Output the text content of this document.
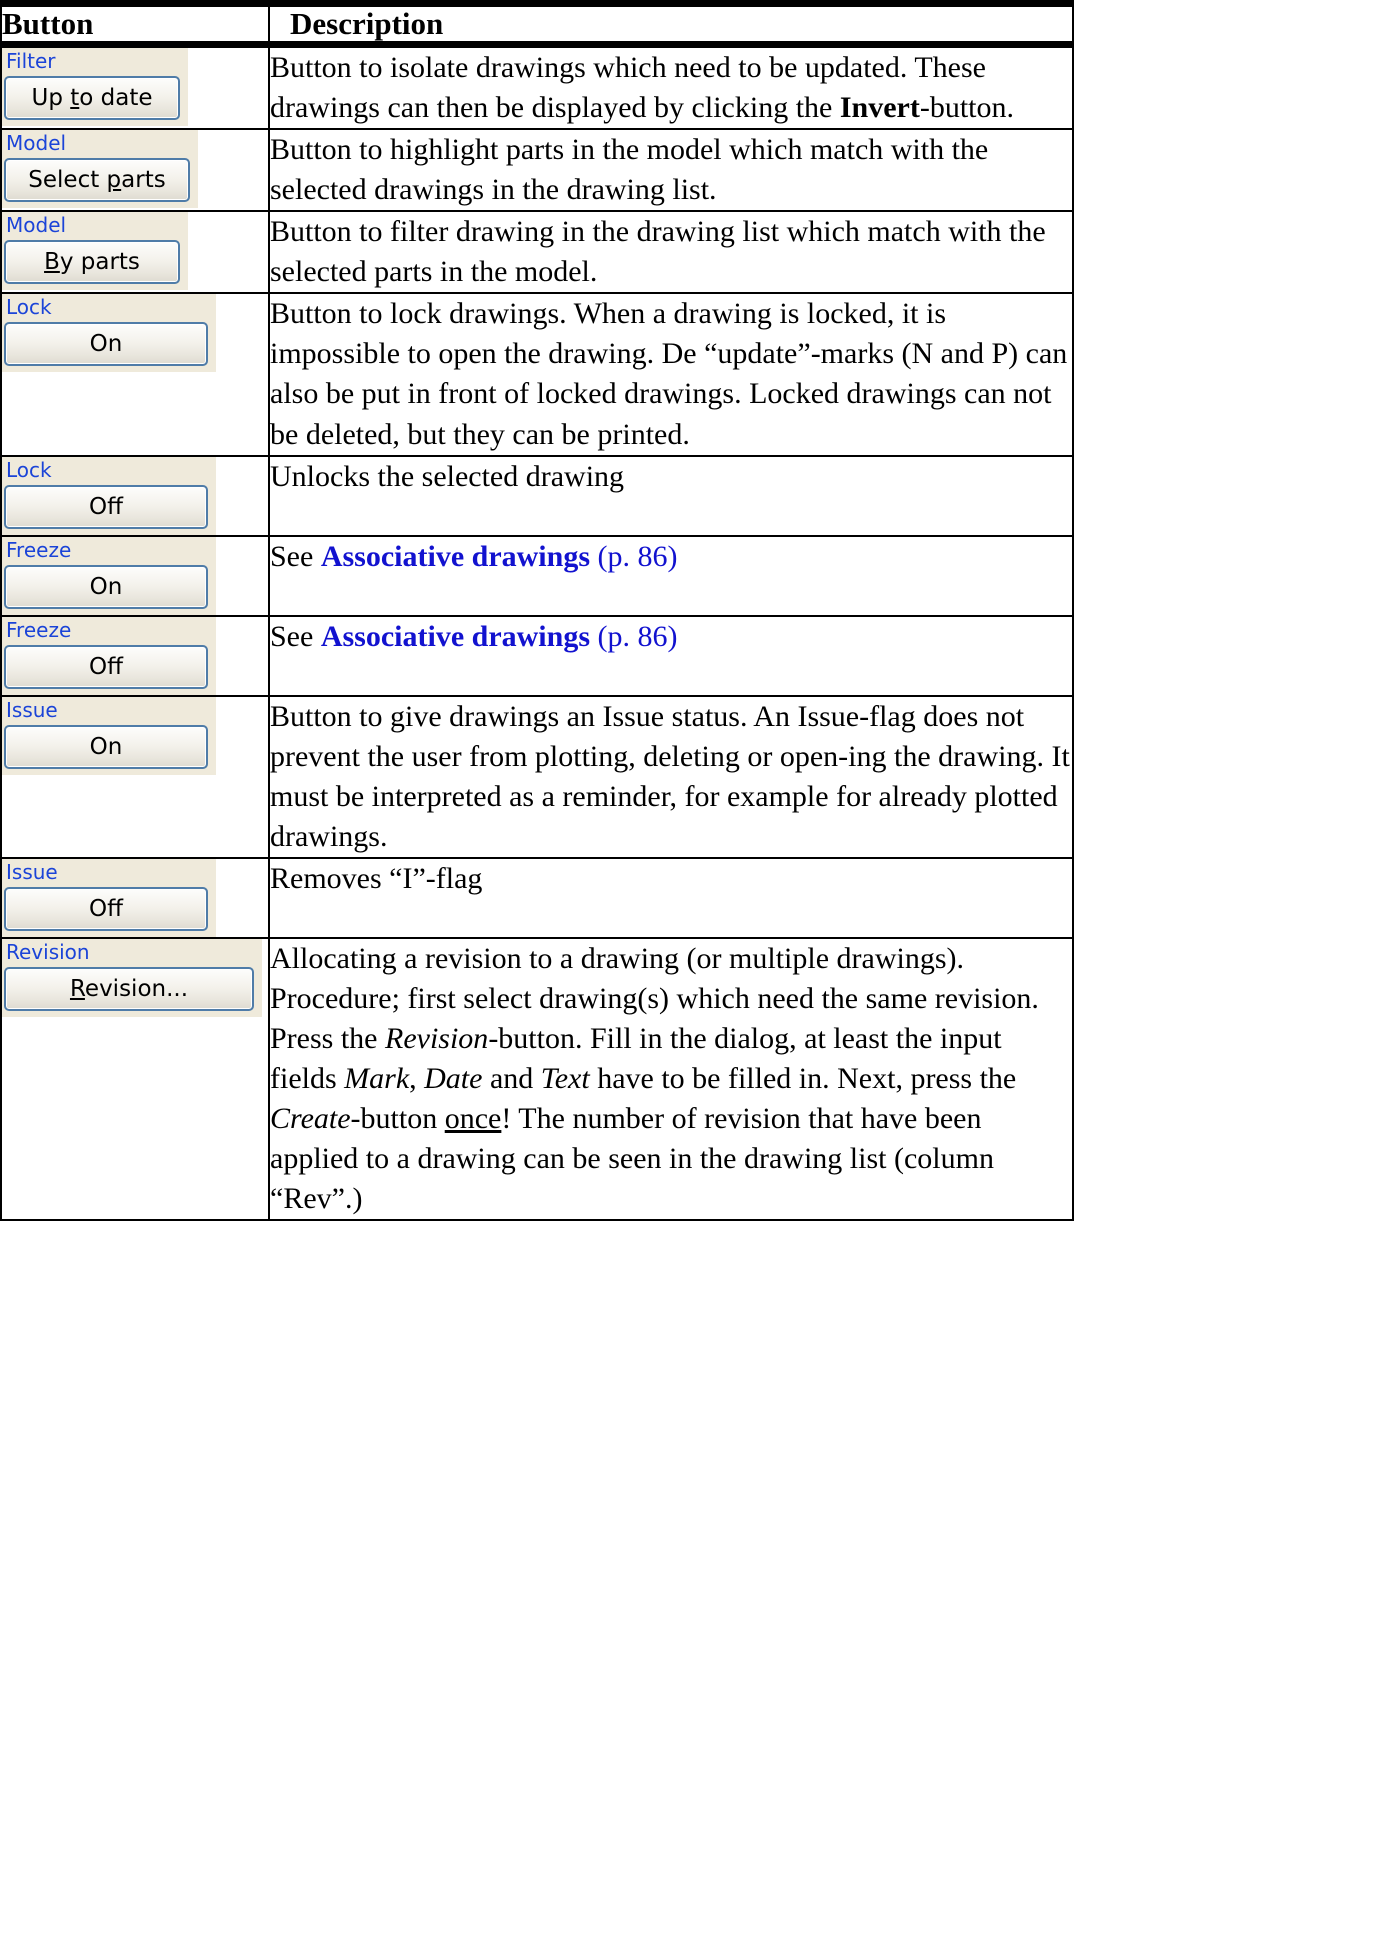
Button	Description

Filter
Up to date	Button to isolate drawings which need to be updated. These drawings can then be displayed by clicking the Invert-button.

Model
Select parts	Button to highlight parts in the model which match with the selected drawings in the drawing list.

Model
By parts	Button to filter drawing in the drawing list which match with the selected parts in the model.

Lock
On	Button to lock drawings. When a drawing is locked, it is impossible to open the drawing. De “update”-marks (N and P) can also be put in front of locked drawings. Locked drawings can not be deleted, but they can be printed.

Lock
Off	Unlocks the selected drawing

Freeze
On	See Associative drawings (p. 86)

Freeze
Off	See Associative drawings (p. 86)

Issue
On	Button to give drawings an Issue status. An Issue-flag does not prevent the user from plotting, deleting or open-ing the drawing. It must be interpreted as a reminder, for example for already plotted drawings.

Issue
Off	Removes “I”-flag

Revision
Revision...	Allocating a revision to a drawing (or multiple drawings). Procedure; first select drawing(s) which need the same revision. Press the Revision-button. Fill in the dialog, at least the input fields Mark, Date and Text have to be filled in. Next, press the Create-button once! The number of revision that have been applied to a drawing can be seen in the drawing list (column “Rev”.)
